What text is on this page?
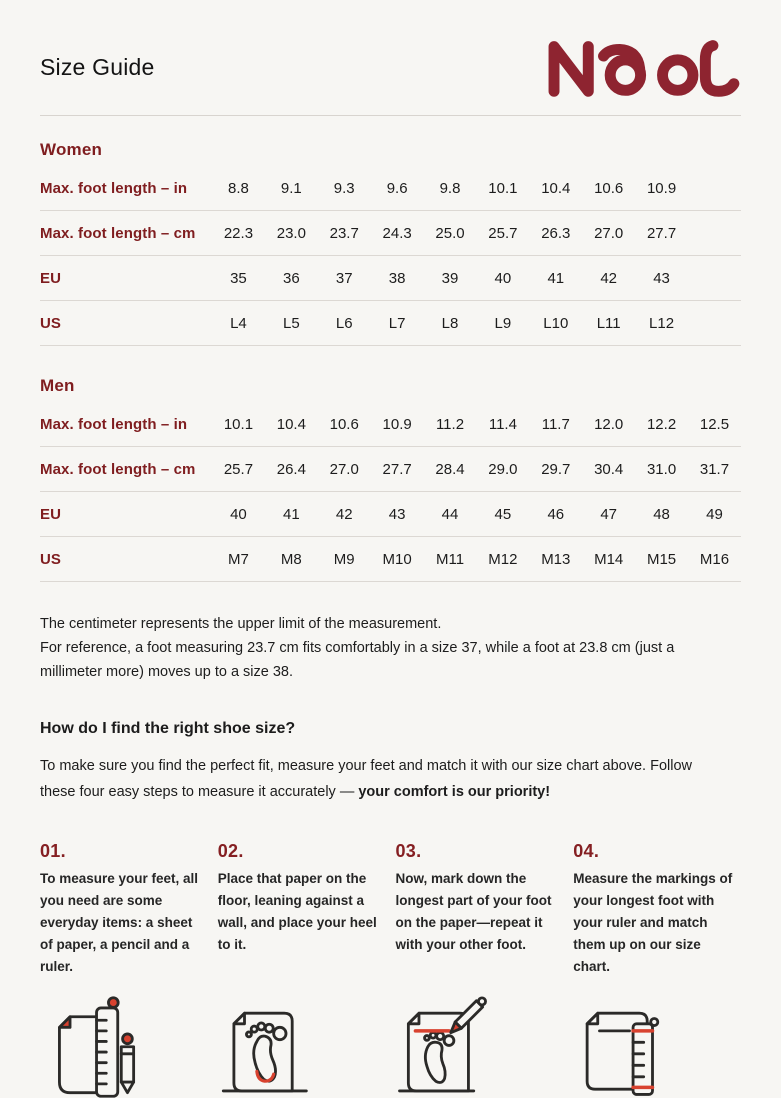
Size Guide
Women
Max. foot length – in	8.8	9.1	9.3	9.6	9.8	10.1	10.4	10.6	10.9
Max. foot length – cm	22.3	23.0	23.7	24.3	25.0	25.7	26.3	27.0	27.7
EU	35	36	37	38	39	40	41	42	43
US	L4	L5	L6	L7	L8	L9	L10	L11	L12
Men
Max. foot length – in	10.1	10.4	10.6	10.9	11.2	11.4	11.7	12.0	12.2	12.5
Max. foot length – cm	25.7	26.4	27.0	27.7	28.4	29.0	29.7	30.4	31.0	31.7
EU	40	41	42	43	44	45	46	47	48	49
US	M7	M8	M9	M10	M11	M12	M13	M14	M15	M16

The centimeter represents the upper limit of the measurement.

For reference, a foot measuring 23.7 cm fits comfortably in a size 37, while a foot at 23.8 cm (just a millimeter more) moves up to a size 38.

How do I find the right shoe size?

To make sure you find the perfect fit, measure your feet and match it with our size chart above. Follow these four easy steps to measure it accurately — your comfort is our priority!

01.
To measure your feet, all you need are some everyday items: a sheet of paper, a pencil and a ruler.
02.
Place that paper on the floor, leaning against a wall, and place your heel to it.
03.
Now, mark down the longest part of your foot on the paper—repeat it with your other foot.
04.
Measure the markings of your longest foot with your ruler and match them up on our size chart.
